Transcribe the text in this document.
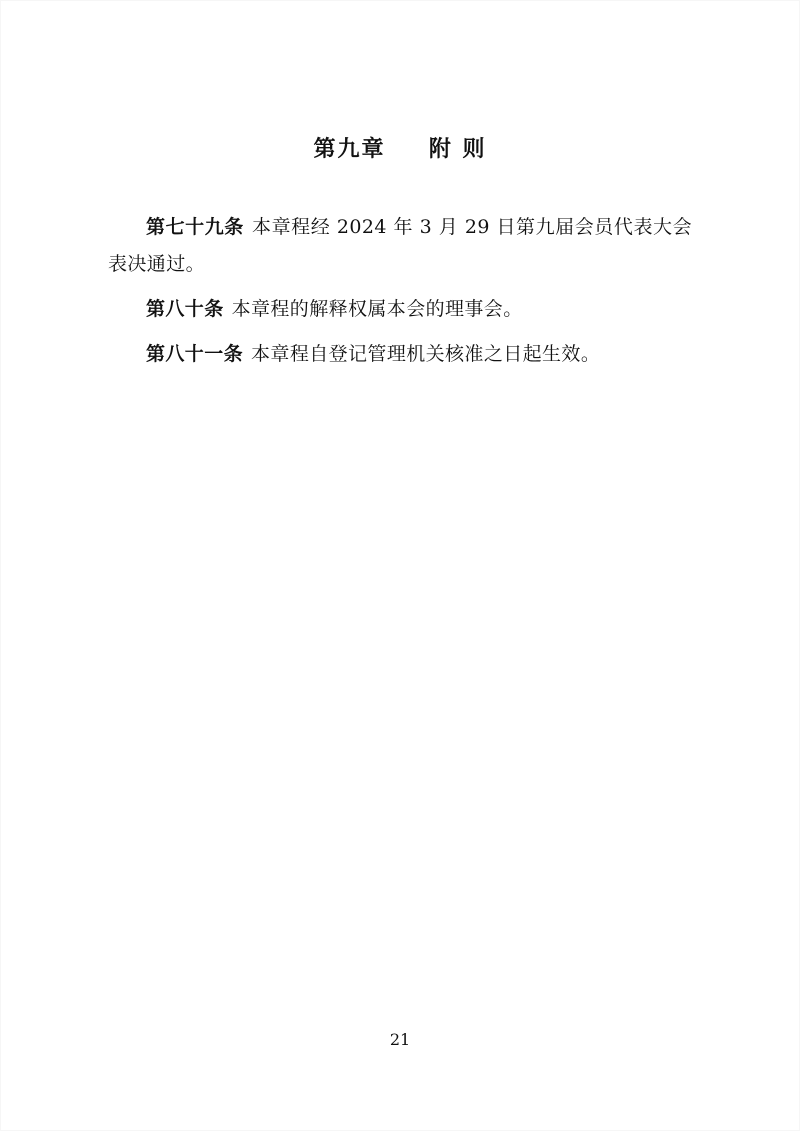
第九章 附 则

第七十九条 本章程经 2024 年 3 月 29 日第九届会员代表大会表决通过。

第八十条 本章程的解释权属本会的理事会。

第八十一条 本章程自登记管理机关核准之日起生效。

21
